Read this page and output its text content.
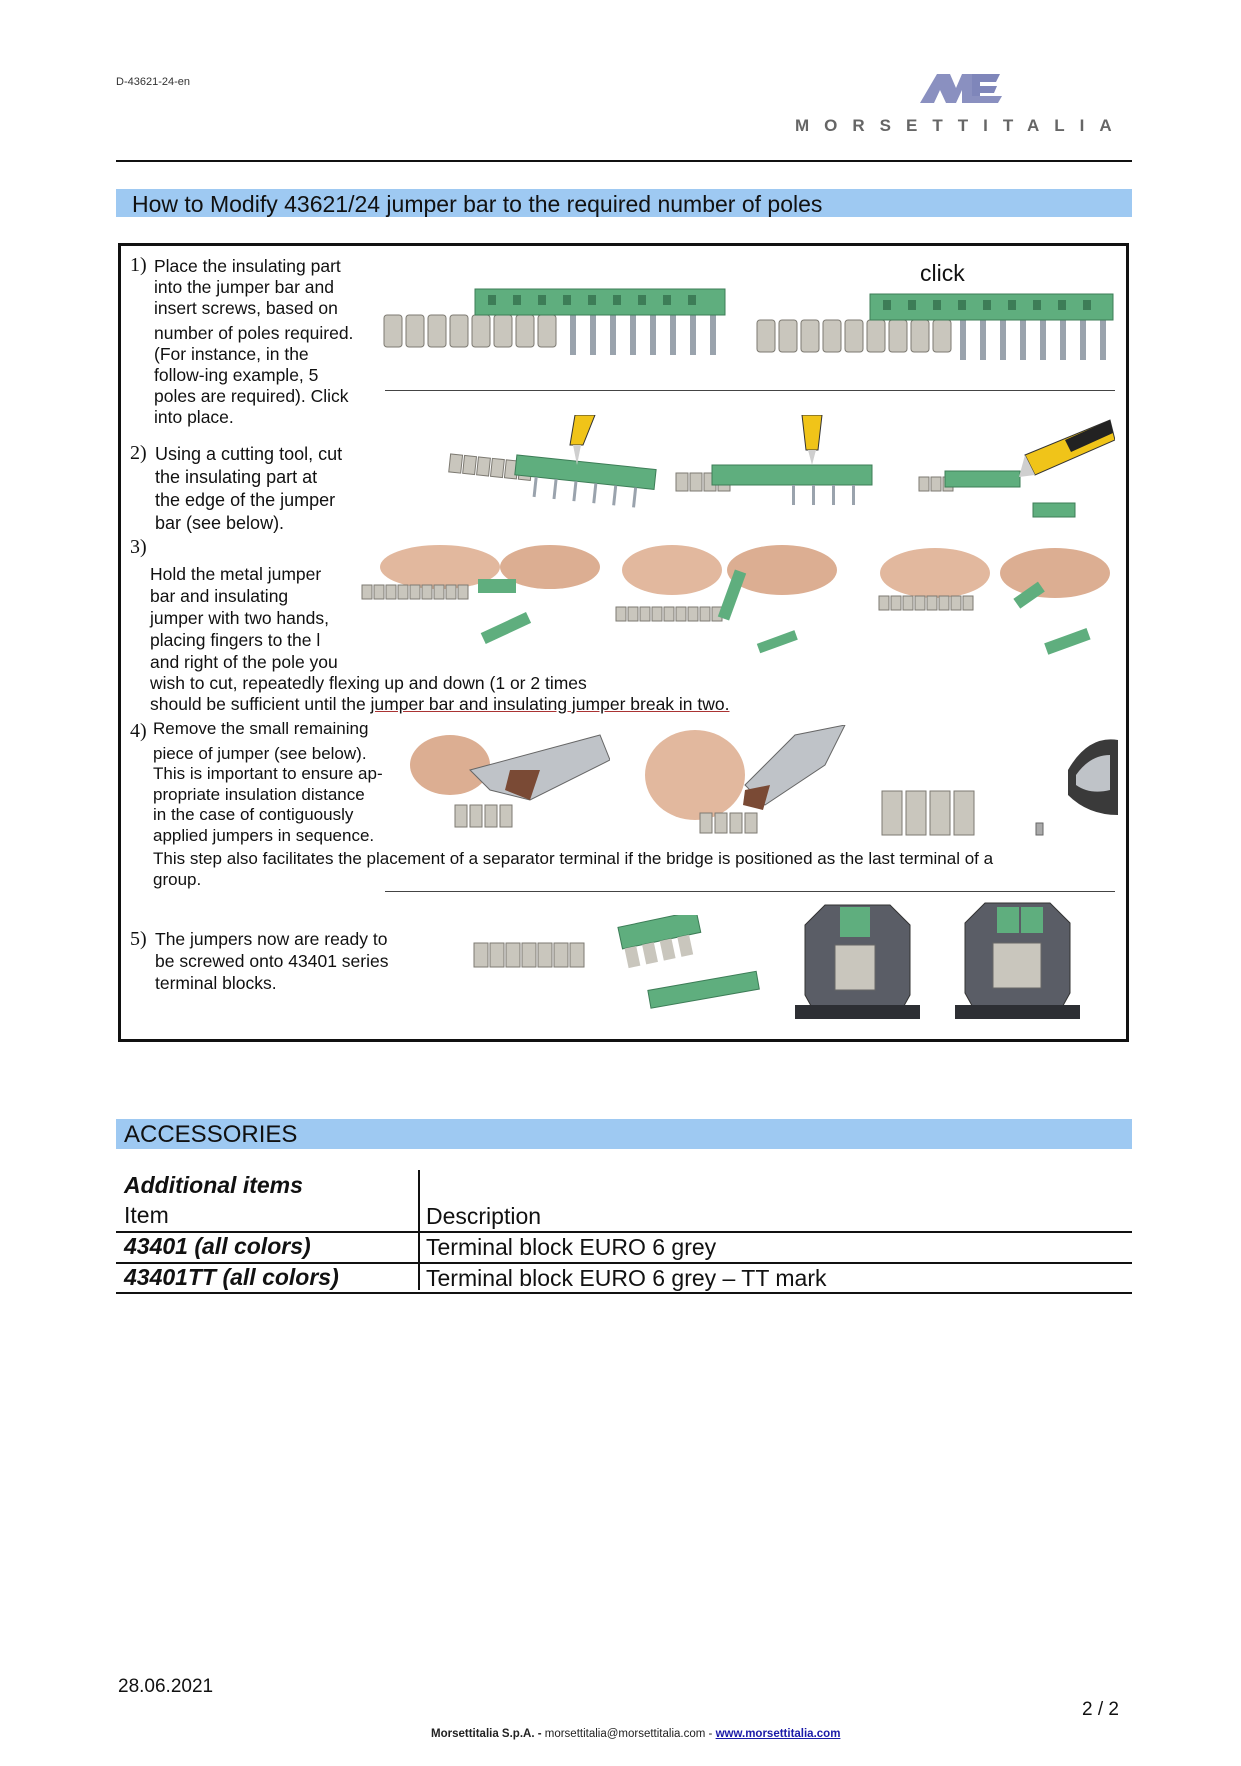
D-43621-24-en
MORSETTITALIA
How to Modify 43621/24 jumper bar to the required number of poles
1) Place the insulating part
into the jumper bar and
insert screws, based on
number of poles required.
(For instance, in the
follow-ing example, 5
poles are required). Click
into place.
click
2) Using a cutting tool, cut
the insulating part at
the edge of the jumper
bar (see below).
3)
Hold the metal jumper
bar and insulating
jumper with two hands,
placing fingers to the l
and right of the pole you
wish to cut, repeatedly flexing up and down (1 or 2 times
should be sufficient until the jumper bar and insulating jumper break in two.
4) Remove the small remaining
piece of jumper (see below).
This is important to ensure ap-
propriate insulation distance
in the case of contiguously
applied jumpers in sequence.
This step also facilitates the placement of a separator terminal if the bridge is positioned as the last terminal of a
group.
5) The jumpers now are ready to
be screwed onto 43401 series
terminal blocks.
ACCESSORIES
Additional items
Item	Description
43401 (all colors)	Terminal block EURO 6 grey
43401TT (all colors)	Terminal block EURO 6 grey – TT mark
28.06.2021
2 / 2
Morsettitalia S.p.A. - morsettitalia@morsettitalia.com - www.morsettitalia.com
